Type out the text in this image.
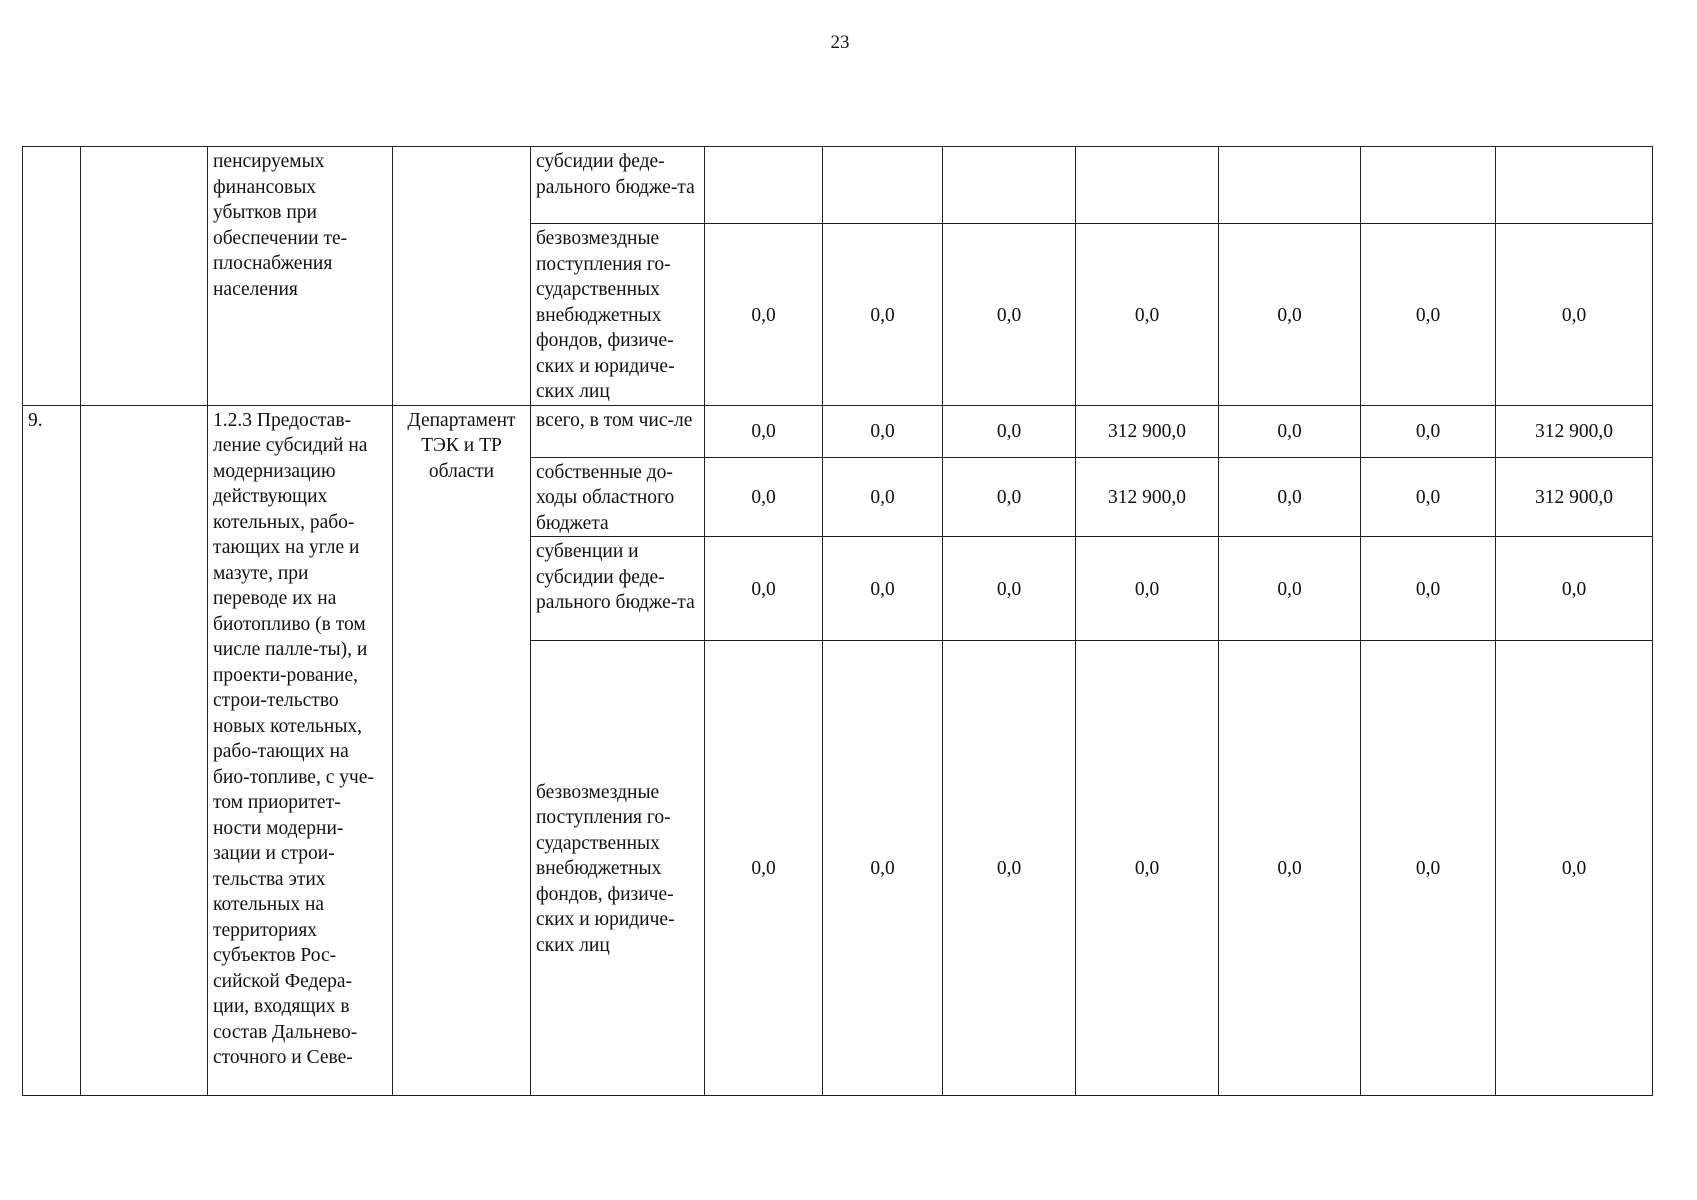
23
		пенсируемых финансовых убытков при обеспечении те-плоснабжения населения		субсидии феде-рального бюдже-та							
				безвозмездные поступления го-сударственных внебюджетных фондов, физиче-ских и юридиче-ских лиц	0,0	0,0	0,0	0,0	0,0	0,0	0,0
9.		1.2.3 Предостав-ление субсидий на модернизацию действующих котельных, рабо-тающих на угле и мазуте, при переводе их на биотопливо (в том числе палле-ты), и проекти-рование, строи-тельство новых котельных, рабо-тающих на био-топливе, с уче-том приоритет-ности модерни-зации и строи-тельства этих котельных на территориях субъектов Рос-сийской Федера-ции, входящих в состав Дальнево-сточного и Севе-	Департамент ТЭК и ТР области	всего, в том чис-ле	0,0	0,0	0,0	312 900,0	0,0	0,0	312 900,0
				собственные до-ходы областного бюджета	0,0	0,0	0,0	312 900,0	0,0	0,0	312 900,0
				субвенции и субсидии феде-рального бюдже-та	0,0	0,0	0,0	0,0	0,0	0,0	0,0
				безвозмездные поступления го-сударственных внебюджетных фондов, физиче-ских и юридиче-ских лиц	0,0	0,0	0,0	0,0	0,0	0,0	0,0
